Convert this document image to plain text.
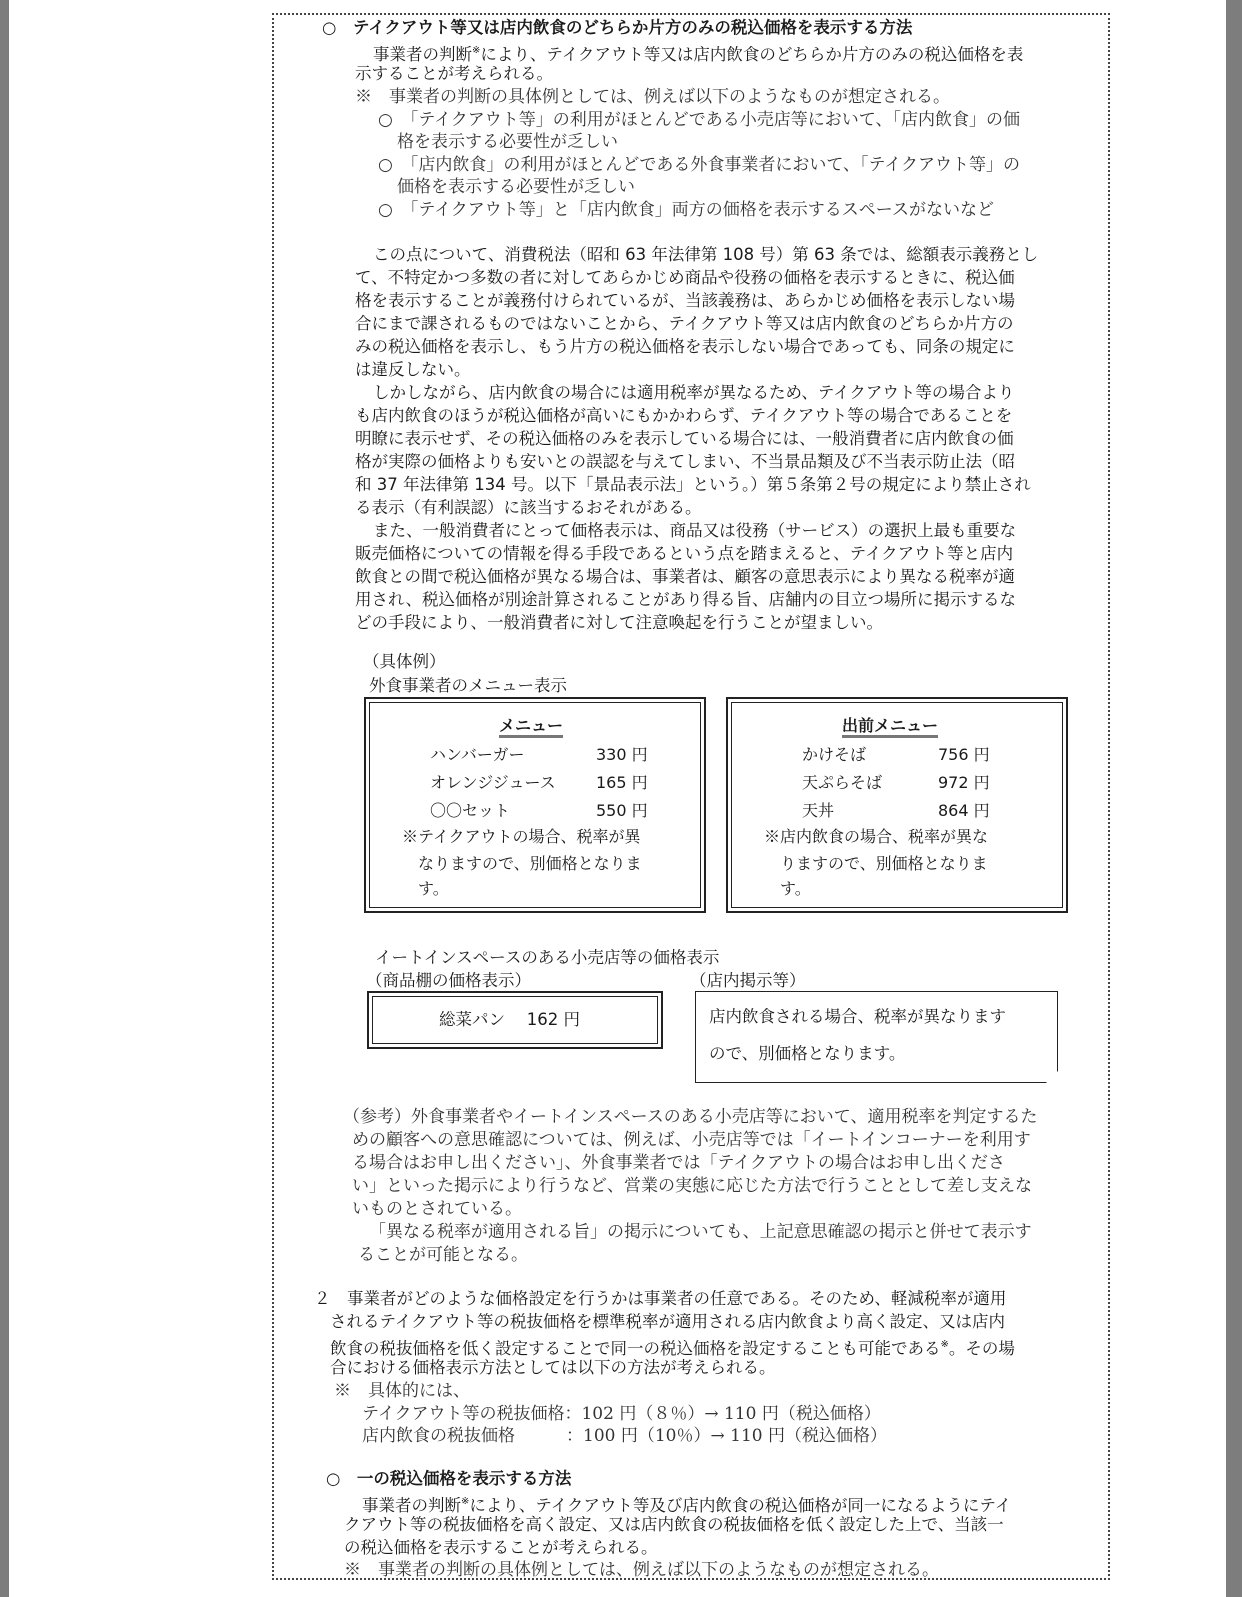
○　テイクアウト等又は店内飲食のどちらか片方のみの税込価格を表示する方法
事業者の判断※により、テイクアウト等又は店内飲食のどちらか片方のみの税込価格を表
示することが考えられる。
※　事業者の判断の具体例としては、例えば以下のようなものが想定される。
○　「テイクアウト等」の利用がほとんどである小売店等において、「店内飲食」の価
格を表示する必要性が乏しい
○　「店内飲食」の利用がほとんどである外食事業者において、「テイクアウト等」の
価格を表示する必要性が乏しい
○　「テイクアウト等」と「店内飲食」両方の価格を表示するスペースがないなど
この点について、消費税法（昭和 63 年法律第 108 号）第 63 条では、総額表示義務とし
て、不特定かつ多数の者に対してあらかじめ商品や役務の価格を表示するときに、税込価
格を表示することが義務付けられているが、当該義務は、あらかじめ価格を表示しない場
合にまで課されるものではないことから、テイクアウト等又は店内飲食のどちらか片方の
みの税込価格を表示し、もう片方の税込価格を表示しない場合であっても、同条の規定に
は違反しない。
しかしながら、店内飲食の場合には適用税率が異なるため、テイクアウト等の場合より
も店内飲食のほうが税込価格が高いにもかかわらず、テイクアウト等の場合であることを
明瞭に表示せず、その税込価格のみを表示している場合には、一般消費者に店内飲食の価
格が実際の価格よりも安いとの誤認を与えてしまい、不当景品類及び不当表示防止法（昭
和 37 年法律第 134 号。以下「景品表示法」という。）第５条第２号の規定により禁止され
る表示（有利誤認）に該当するおそれがある。
また、一般消費者にとって価格表示は、商品又は役務（サービス）の選択上最も重要な
販売価格についての情報を得る手段であるという点を踏まえると、テイクアウト等と店内
飲食との間で税込価格が異なる場合は、事業者は、顧客の意思表示により異なる税率が適
用され、税込価格が別途計算されることがあり得る旨、店舗内の目立つ場所に掲示するな
どの手段により、一般消費者に対して注意喚起を行うことが望ましい。
（具体例）
外食事業者のメニュー表示
メニュー
ハンバーガー	330 円
オレンジジュース	165 円
〇〇セット	550 円
※テイクアウトの場合、税率が異
なりますので、別価格となりま
す。
出前メニュー
かけそば	756 円
天ぷらそば	972 円
天丼	864 円
※店内飲食の場合、税率が異な
りますので、別価格となりま
す。
イートインスペースのある小売店等の価格表示
（商品棚の価格表示）	（店内掲示等）
総菜パン　 162 円	店内飲食される場合、税率が異なります
ので、別価格となります。
（参考）外食事業者やイートインスペースのある小売店等において、適用税率を判定するた
めの顧客への意思確認については、例えば、小売店等では「イートインコーナーを利用す
る場合はお申し出ください」、外食事業者では「テイクアウトの場合はお申し出くださ
い」といった掲示により行うなど、営業の実態に応じた方法で行うこととして差し支えな
いものとされている。
「異なる税率が適用される旨」の掲示についても、上記意思確認の掲示と併せて表示す
ることが可能となる。
２　事業者がどのような価格設定を行うかは事業者の任意である。そのため、軽減税率が適用
されるテイクアウト等の税抜価格を標準税率が適用される店内飲食より高く設定、又は店内
飲食の税抜価格を低く設定することで同一の税込価格を設定することも可能である※。その場
合における価格表示方法としては以下の方法が考えられる。
※　具体的には、
テイクアウト等の税抜価格：102 円（８％）→ 110 円（税込価格）
店内飲食の税抜価格　　　：100 円（10％）→ 110 円（税込価格）
○　一の税込価格を表示する方法
事業者の判断※により、テイクアウト等及び店内飲食の税込価格が同一になるようにテイ
クアウト等の税抜価格を高く設定、又は店内飲食の税抜価格を低く設定した上で、当該一
の税込価格を表示することが考えられる。
※　事業者の判断の具体例としては、例えば以下のようなものが想定される。
